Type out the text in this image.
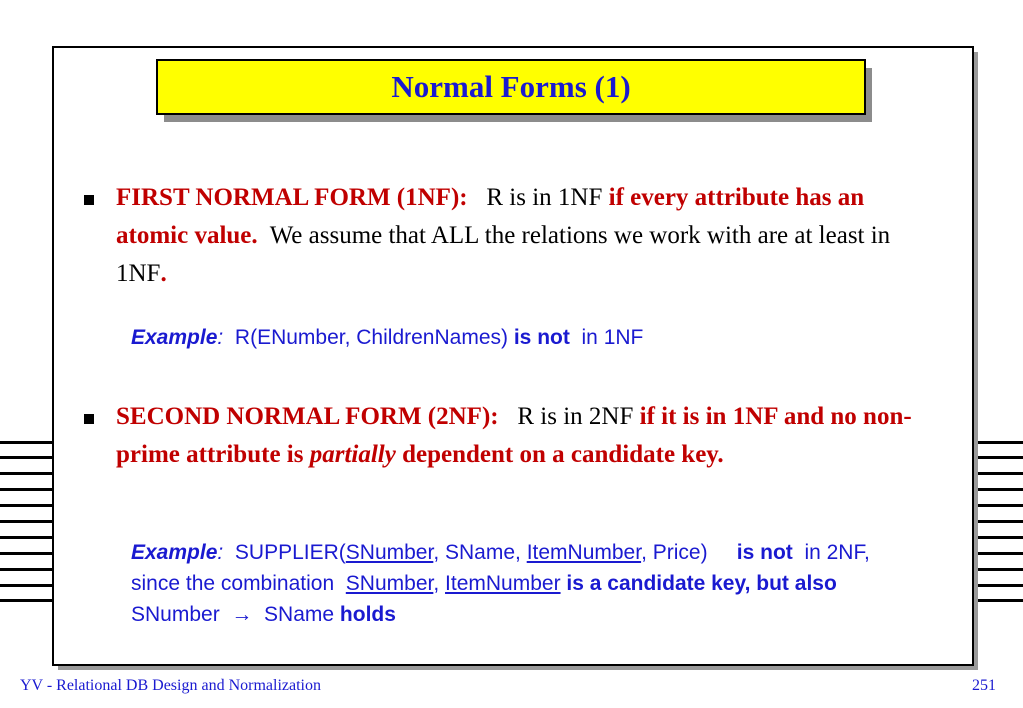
Normal Forms (1)
FIRST NORMAL FORM (1NF): R is in 1NF if every attribute has an atomic value. We assume that ALL the relations we work with are at least in 1NF.
Example: R(ENumber, ChildrenNames) is not in 1NF
SECOND NORMAL FORM (2NF): R is in 2NF if it is in 1NF and no non-prime attribute is partially dependent on a candidate key.
Example: SUPPLIER(SNumber, SName, ItemNumber, Price) is not in 2NF, since the combination SNumber, ItemNumber is a candidate key, but also  SNumber → SName holds
YV - Relational DB Design and Normalization	251
